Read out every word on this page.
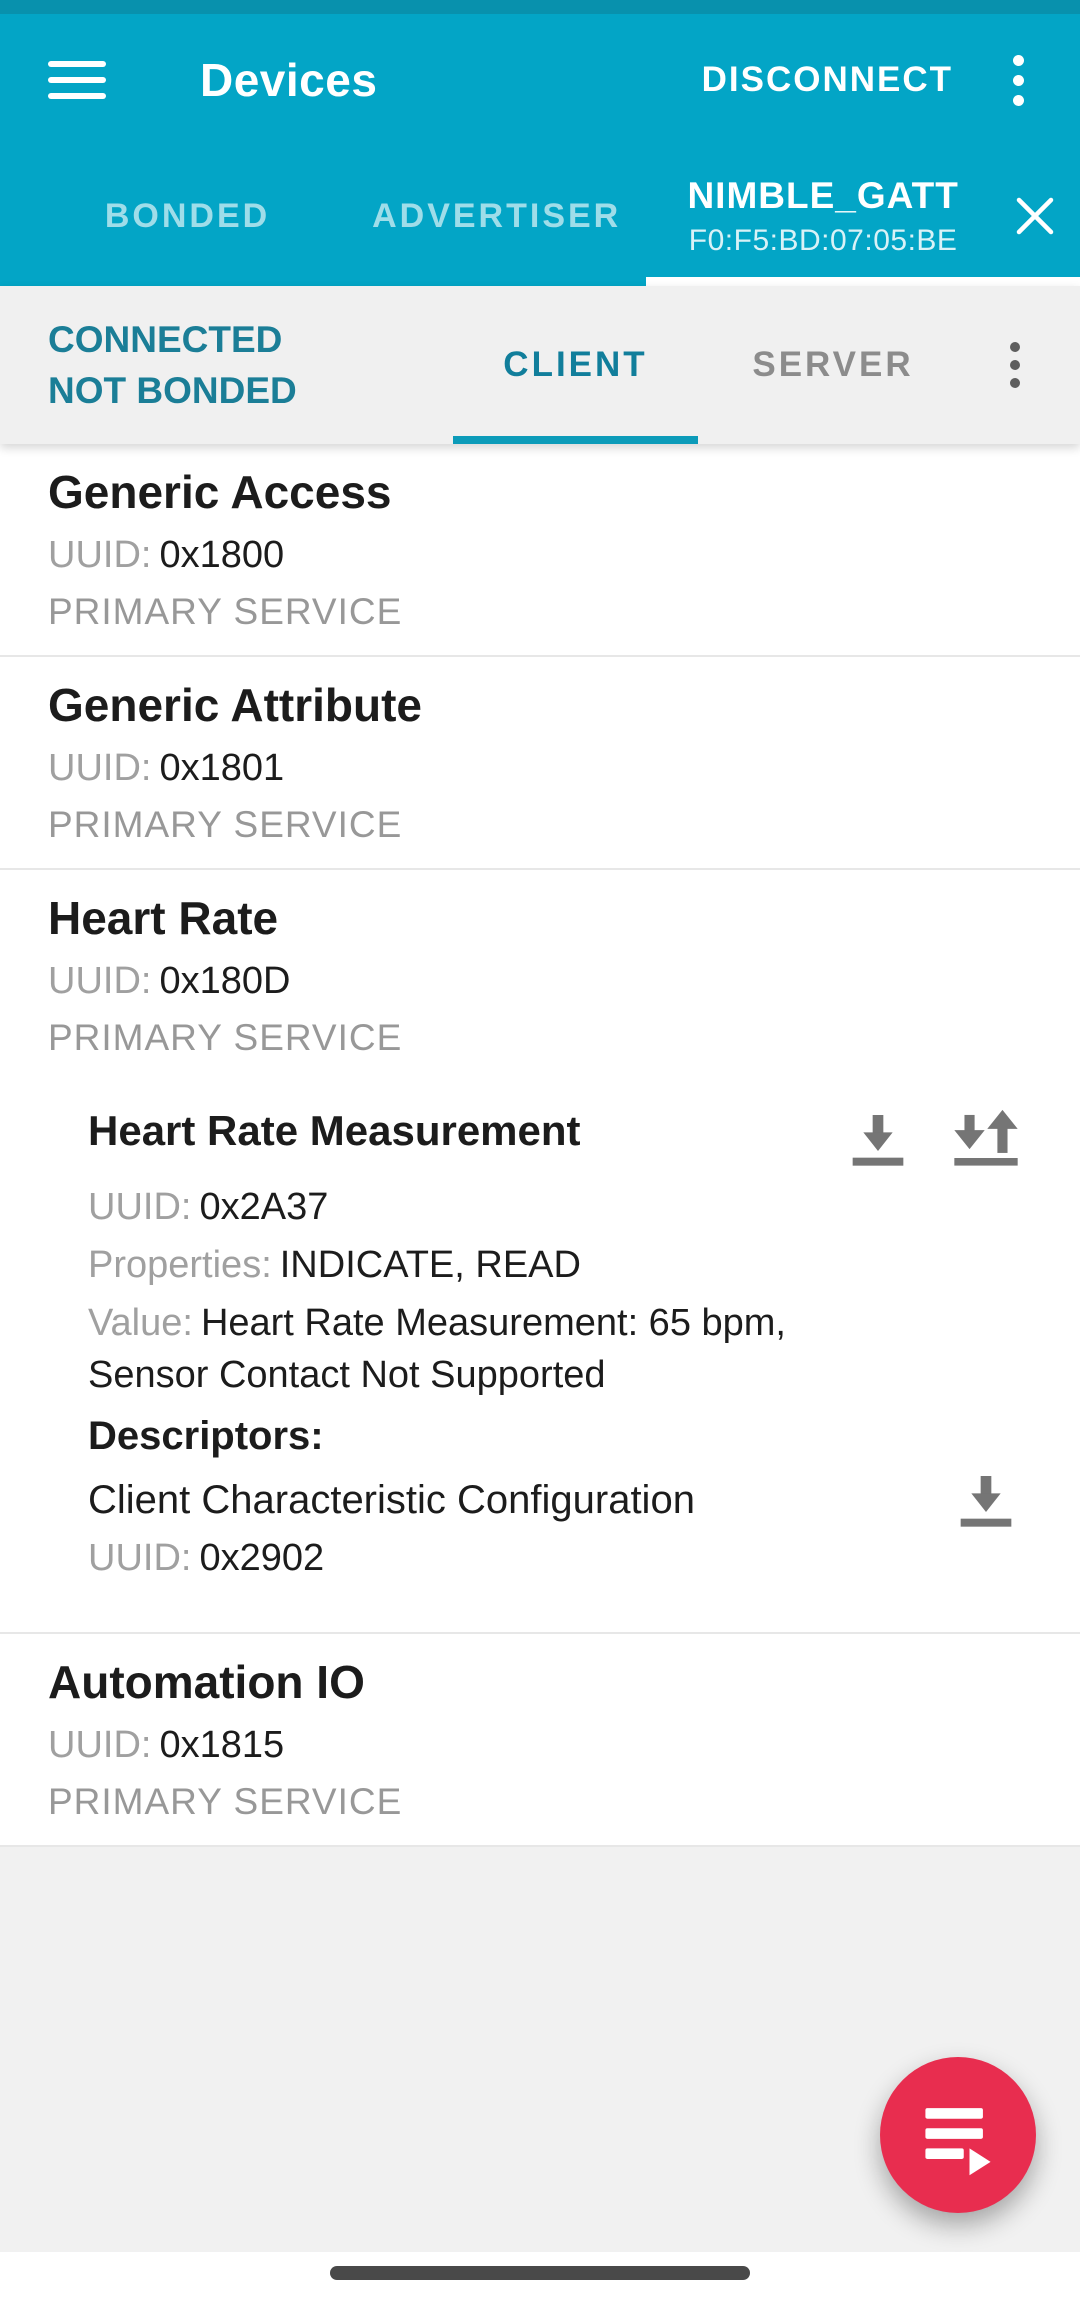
Devices	DISCONNECT
BONDED	ADVERTISER NIMBLE_GATT
F0:F5:BD:07:05:BE
CONNECTED
NOT BONDED
CLIENT	SERVER
Generic Access
UUID: 0x1800
PRIMARY SERVICE
Generic Attribute
UUID: 0x1801
PRIMARY SERVICE
Heart Rate
UUID: 0x180D
PRIMARY SERVICE
Heart Rate Measurement
UUID: 0x2A37
Properties: INDICATE, READ
Value: Heart Rate Measurement: 65 bpm, Sensor Contact Not Supported
Descriptors:
Client Characteristic Configuration
UUID: 0x2902
Automation IO
UUID: 0x1815
PRIMARY SERVICE
